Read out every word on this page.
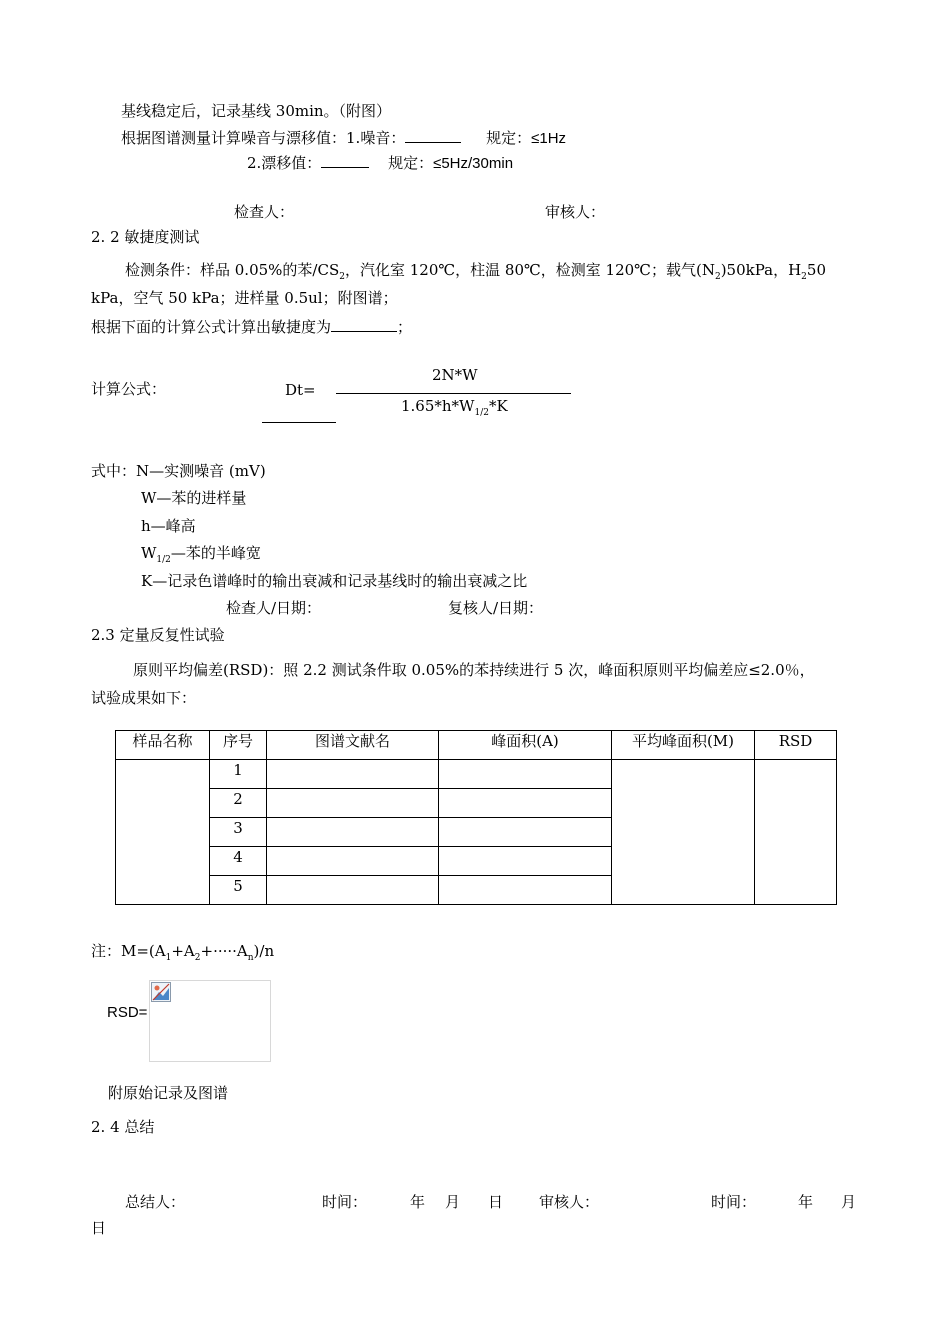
基线稳定后，记录基线 30min。（附图）
根据图谱测量计算噪音与漂移值：1.噪音：	规定：≤1Hz
2.漂移值：	规定：≤5Hz/30min
检查人：	审核人：
2. 2 敏捷度测试
检测条件：样品 0.05%的苯$/CS_2$，汽化室 120℃，柱温 80℃，检测室 120℃；载气$(N_2)50kPa$，$H_250$
kPa，空气 50 kPa；进样量 0.5ul；附图谱；
根据下面的计算公式计算出敏捷度为	；
计算公式：	Dt=
2N*W
$1.65*h*W_{1/2}*K$
式中：N—实测噪音 (mV)
W—苯的进样量
h—峰高
$W_{1/2}—$苯的半峰宽
K—记录色谱峰时的输出衰减和记录基线时的输出衰减之比
检查人/日期：	复核人/日期：
2.3 定量反复性试验
原则平均偏差(RSD)：照 2.2 测试条件取 0.05%的苯持续进行 5 次，峰面积原则平均偏差应≤2.0％，
试验成果如下：
样品名称	序号	图谱文献名	峰面积(A)	平均峰面积(M)	RSD
	1				
	2				
	3				
	4				
	5				
注：$M=(A_1+A_2+\cdot\cdot\cdot\cdot\cdot A_n)/n$
RSD=
附原始记录及图谱
2. 4 总结
总结人：	时间：	年 月 日 审核人：	时间：	年 月
日
